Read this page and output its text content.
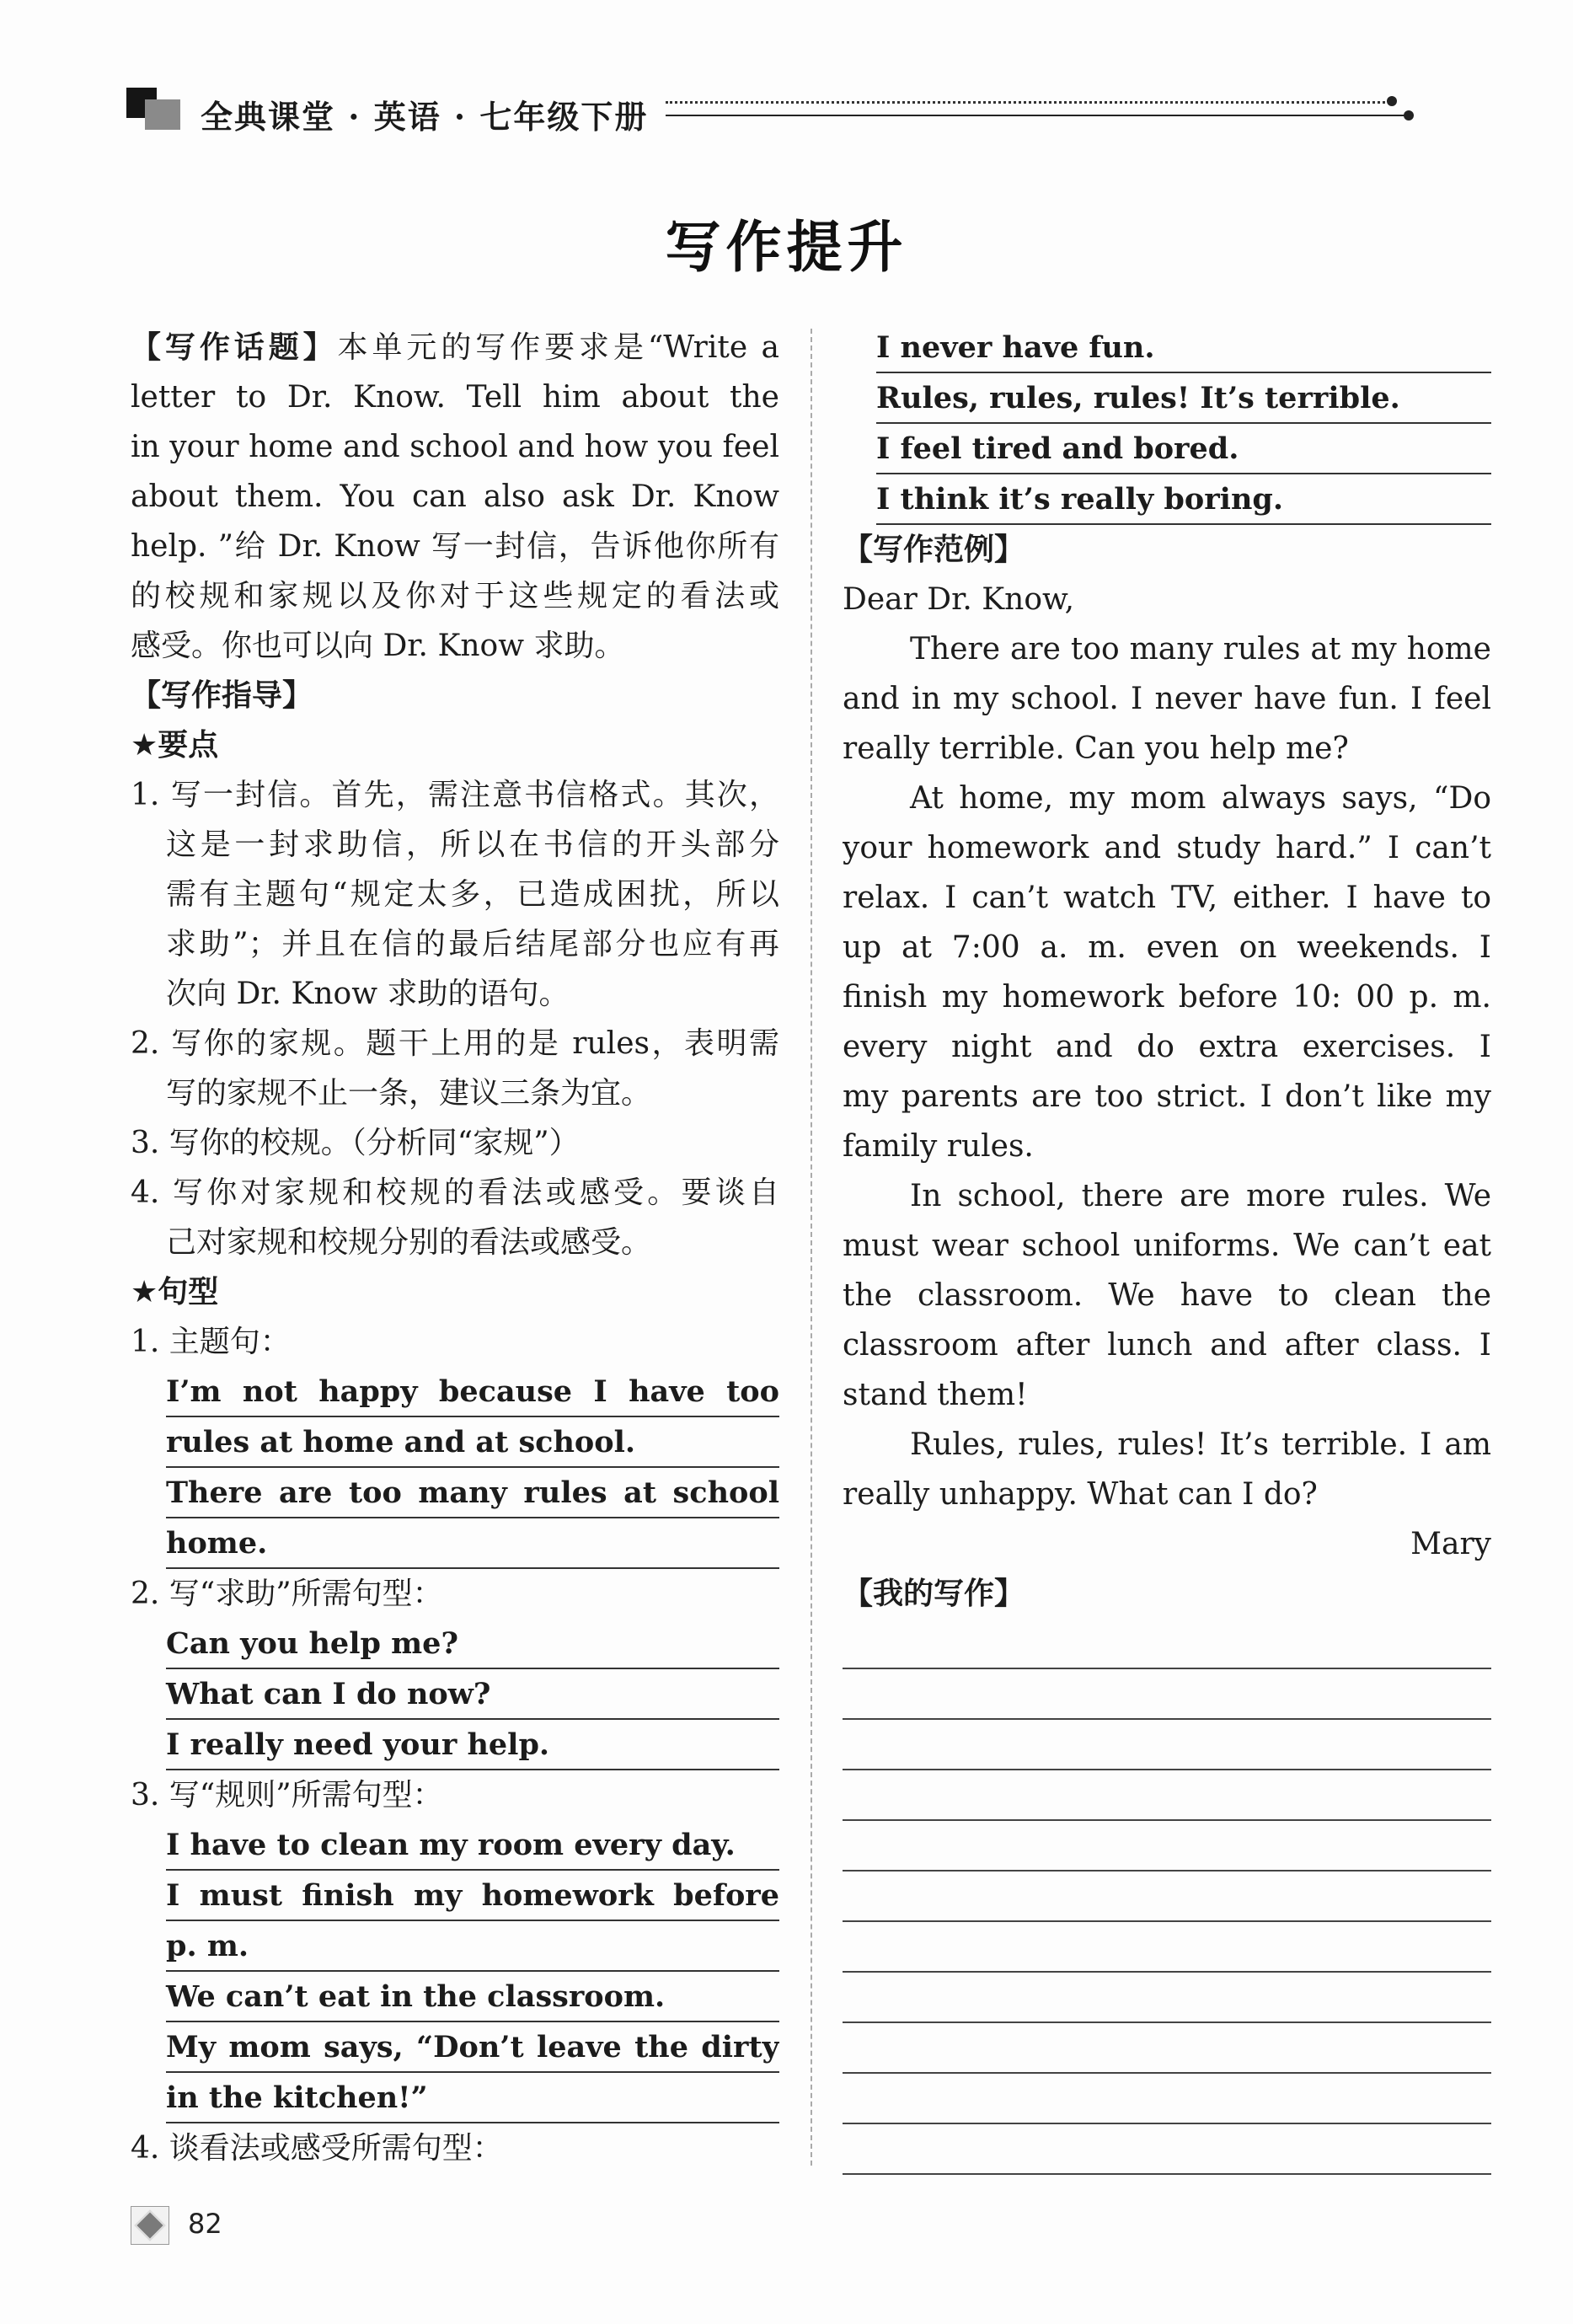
全典课堂 · 英语 · 七年级下册
写作提升
【写作话题】本单元的写作要求是“Write a
letter to Dr. Know. Tell him about the
in your home and school and how you feel
about them. You can also ask Dr. Know
help. ”给 Dr. Know 写一封信，告诉他你所有
的校规和家规以及你对于这些规定的看法或
感受。你也可以向 Dr. Know 求助。
【写作指导】
★要点
1. 写一封信。首先，需注意书信格式。其次，
这是一封求助信，所以在书信的开头部分
需有主题句“规定太多，已造成困扰，所以
求助”；并且在信的最后结尾部分也应有再
次向 Dr. Know 求助的语句。
2. 写你的家规。题干上用的是 rules，表明需
写的家规不止一条，建议三条为宜。
3. 写你的校规。（分析同“家规”）
4. 写你对家规和校规的看法或感受。要谈自
己对家规和校规分别的看法或感受。
★句型
1. 主题句：
I’m not happy because I have too
rules at home and at school.
There are too many rules at school
home.
2. 写“求助”所需句型：
Can you help me?
What can I do now?
I really need your help.
3. 写“规则”所需句型：
I have to clean my room every day.
I must finish my homework before
p. m.
We can’t eat in the classroom.
My mom says, “Don’t leave the dirty
in the kitchen!”
4. 谈看法或感受所需句型：
I never have fun.
Rules, rules, rules! It’s terrible.
I feel tired and bored.
I think it’s really boring.
【写作范例】
Dear Dr. Know,
There are too many rules at my home
and in my school. I never have fun. I feel
really terrible. Can you help me?
At home, my mom always says, “Do
your homework and study hard.” I can’t
relax. I can’t watch TV, either. I have to
up at 7:00 a. m. even on weekends. I
finish my homework before 10: 00 p. m.
every night and do extra exercises. I
my parents are too strict. I don’t like my
family rules.
In school, there are more rules. We
must wear school uniforms. We can’t eat
the classroom. We have to clean the
classroom after lunch and after class. I
stand them!
Rules, rules, rules! It’s terrible. I am
really unhappy. What can I do?
Mary
【我的写作】
82
